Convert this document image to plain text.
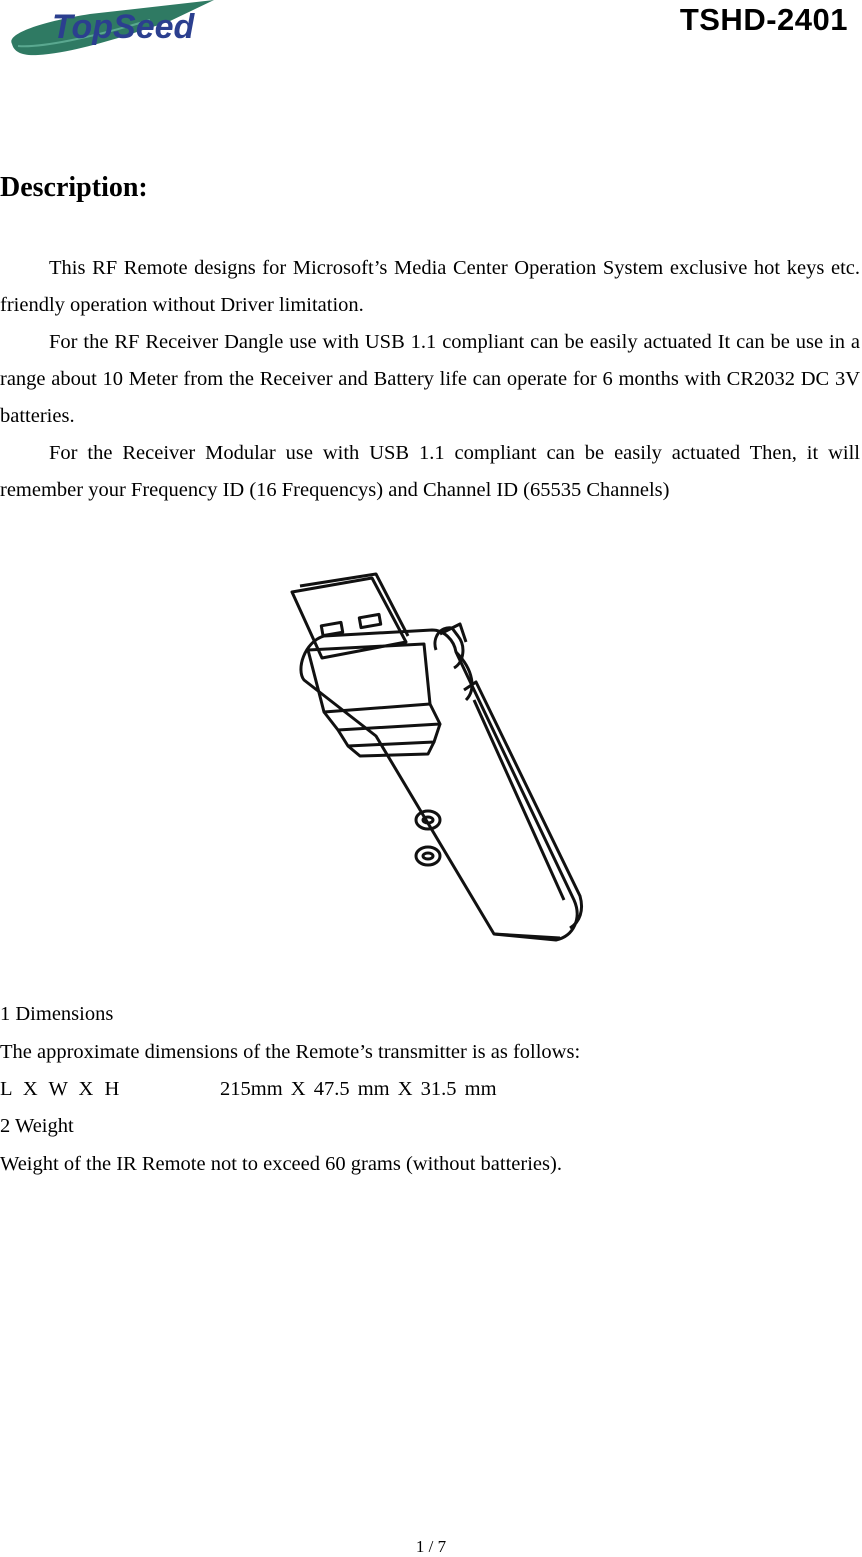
TopSeed	TSHD-2401
Description:

This RF Remote designs for Microsoft’s Media Center Operation System exclusive hot keys etc. friendly operation without Driver limitation.

For the RF Receiver Dangle use with USB 1.1 compliant can be easily actuated It can be use in a range about 10 Meter from the Receiver and Battery life can operate for 6 months with CR2032 DC 3V batteries.

For the Receiver Modular use with USB 1.1 compliant can be easily actuated Then, it will remember your Frequency ID (16 Frequencys) and Channel ID (65535 Channels)

1 Dimensions
The approximate dimensions of the Remote’s transmitter is as follows:
L X W X H	215mm X 47.5 mm X 31.5 mm
2 Weight
Weight of the IR Remote not to exceed 60 grams (without batteries).
1 / 7
